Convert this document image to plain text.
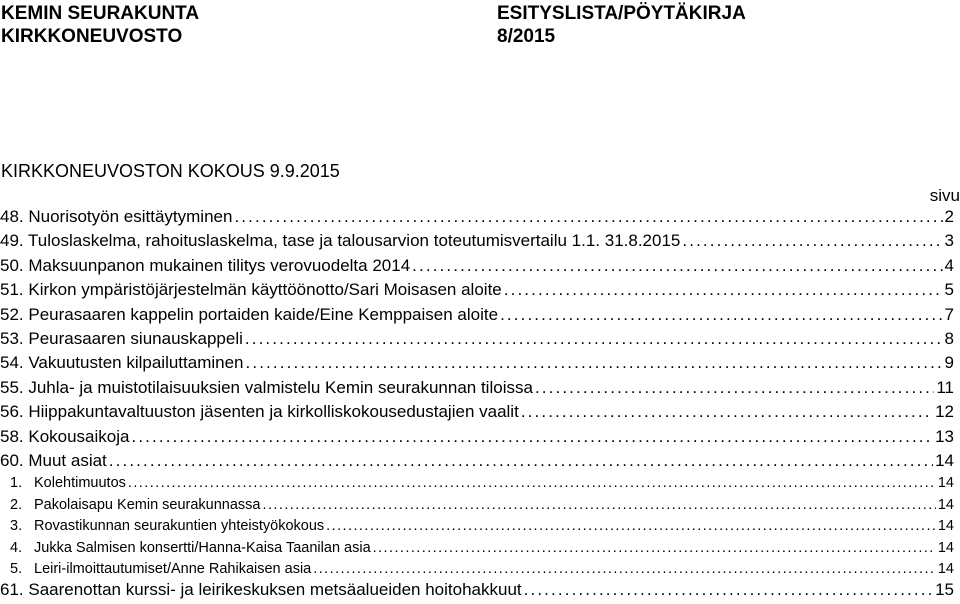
KEMIN SEURAKUNTA
KIRKKONEUVOSTO
ESITYSLISTA/PÖYTÄKIRJA
8/2015
KIRKKONEUVOSTON KOKOUS 9.9.2015
sivu
48. Nuorisotyön esittäytyminen . . .	2
49. Tuloslaskelma, rahoituslaskelma, tase ja talousarvion toteutumisvertailu 1.1. 31.8.2015 . . .	3
50. Maksuunpanon mukainen tilitys verovuodelta 2014 . . .	4
51. Kirkon ympäristöjärjestelmän käyttöönotto/Sari Moisasen aloite . . .	5
52. Peurasaaren kappelin portaiden kaide/Eine Kemppaisen aloite . . .	7
53. Peurasaaren siunauskappeli . . .	8
54. Vakuutusten kilpailuttaminen . . .	9
55. Juhla- ja muistotilaisuuksien valmistelu Kemin seurakunnan tiloissa . . .	11
56. Hiippakuntavaltuuston jäsenten ja kirkolliskokousedustajien vaalit . . .	12
58. Kokousaikoja . . .	13
60. Muut asiat . . .	14
1. Kolehtimuutos . . .	14
2. Pakolaisapu Kemin seurakunnassa . . .	14
3. Rovastikunnan seurakuntien yhteistyökokous . . .	14
4. Jukka Salmisen konsertti/Hanna-Kaisa Taanilan asia . . .	14
5. Leiri-ilmoittautumiset/Anne Rahikaisen asia . . .	14
61. Saarenottan kurssi- ja leirikeskuksen metsäalueiden hoitohakkuut . . .	15
